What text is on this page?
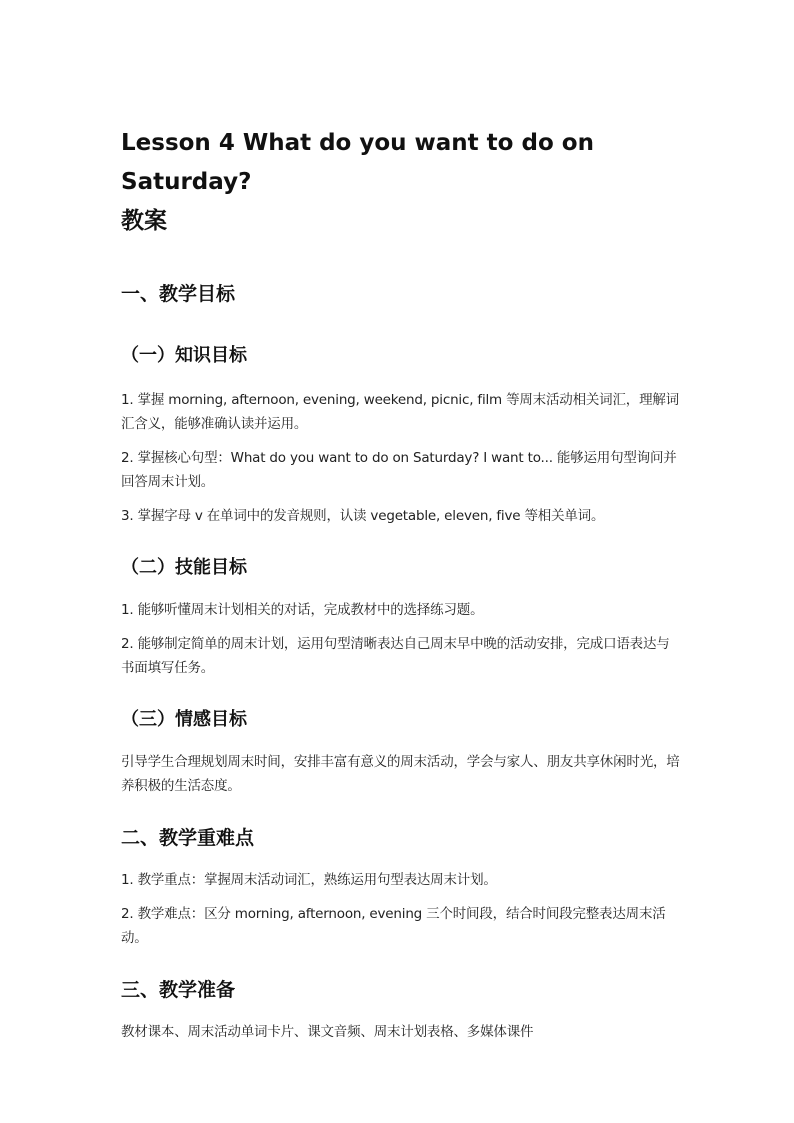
Lesson 4 What do you want to do on Saturday?
教案
一、教学目标
（一）知识目标

1. 掌握 morning, afternoon, evening, weekend, picnic, film 等周末活动相关词汇，理解词汇含义，能够准确认读并运用。

2. 掌握核心句型：What do you want to do on Saturday? I want to... 能够运用句型询问并回答周末计划。

3. 掌握字母 v 在单词中的发音规则，认读 vegetable, eleven, five 等相关单词。

（二）技能目标

1. 能够听懂周末计划相关的对话，完成教材中的选择练习题。

2. 能够制定简单的周末计划，运用句型清晰表达自己周末早中晚的活动安排，完成口语表达与书面填写任务。

（三）情感目标

引导学生合理规划周末时间，安排丰富有意义的周末活动，学会与家人、朋友共享休闲时光，培养积极的生活态度。

二、教学重难点

1. 教学重点：掌握周末活动词汇，熟练运用句型表达周末计划。

2. 教学难点：区分 morning, afternoon, evening 三个时间段，结合时间段完整表达周末活动。

三、教学准备

教材课本、周末活动单词卡片、课文音频、周末计划表格、多媒体课件
